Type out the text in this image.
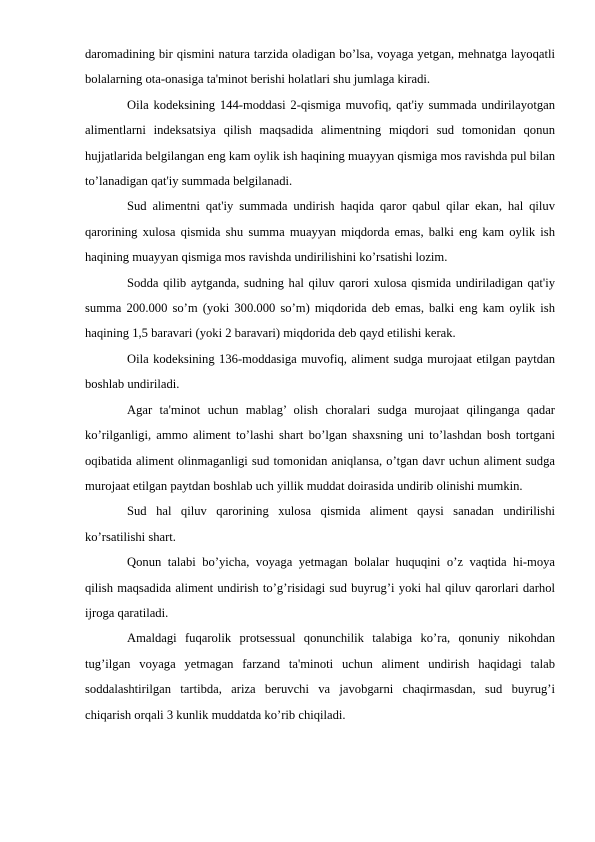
daromadining bir qismini natura tarzida oladigan bo’lsa, voyaga yetgan, mehnatga layoqatli bolalarning ota-onasiga ta'minot berishi holatlari shu jumlaga kiradi.

Oila kodeksining 144-moddasi 2-qismiga muvofiq, qat'iy summada undirilayotgan alimentlarni indeksatsiya qilish maqsadida alimentning miqdori sud tomonidan qonun hujjatlarida belgilangan eng kam oylik ish haqining muayyan qismiga mos ravishda pul bilan to’lanadigan qat'iy summada belgilanadi.

Sud alimentni qat'iy summada undirish haqida qaror qabul qilar ekan, hal qiluv qarorining xulosa qismida shu summa muayyan miqdorda emas, balki eng kam oylik ish haqining muayyan qismiga mos ravishda undirilishini ko’rsatishi lozim.

Sodda qilib aytganda, sudning hal qiluv qarori xulosa qismida undiriladigan qat'iy summa 200.000 so’m (yoki 300.000 so’m) miqdorida deb emas, balki eng kam oylik ish haqining 1,5 baravari (yoki 2 baravari) miqdorida deb qayd etilishi kerak.

Oila kodeksining 136-moddasiga muvofiq, aliment sudga murojaat etilgan paytdan boshlab undiriladi.

Agar ta'minot uchun mablag’ olish choralari sudga murojaat qilinganga qadar ko’rilganligi, ammo aliment to’lashi shart bo’lgan shaxsning uni to’lashdan bosh tortgani oqibatida aliment olinmaganligi sud tomonidan aniqlansa, o’tgan davr uchun aliment sudga murojaat etilgan paytdan boshlab uch yillik muddat doirasida undirib olinishi mumkin.

Sud hal qiluv qarorining xulosa qismida aliment qaysi sanadan undirilishi ko’rsatilishi shart.

Qonun talabi bo’yicha, voyaga yetmagan bolalar huquqini o’z vaqtida hi-moya qilish maqsadida aliment undirish to’g’risidagi sud buyrug’i yoki hal qiluv qarorlari darhol ijroga qaratiladi.

Amaldagi fuqarolik protsessual qonunchilik talabiga ko’ra, qonuniy nikohdan tug’ilgan voyaga yetmagan farzand ta'minoti uchun aliment undirish haqidagi talab soddalashtirilgan tartibda, ariza beruvchi va javobgarni chaqirmasdan, sud buyrug’i chiqarish orqali 3 kunlik muddatda ko’rib chiqiladi.
